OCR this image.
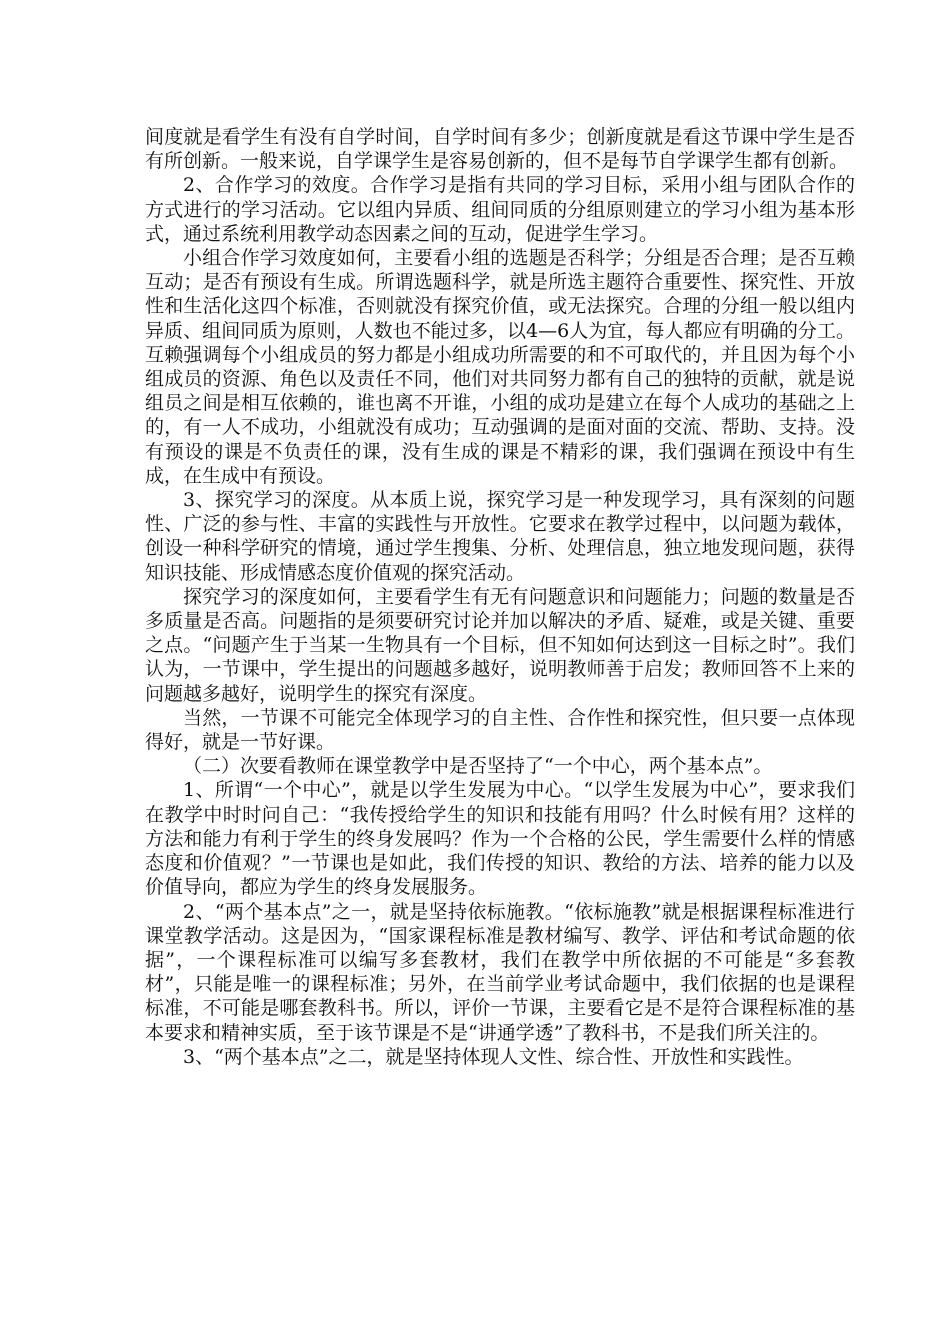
间度就是看学生有没有自学时间，自学时间有多少；创新度就是看这节课中学生是否有所创新。一般来说，自学课学生是容易创新的，但不是每节自学课学生都有创新。

2、合作学习的效度。合作学习是指有共同的学习目标，采用小组与团队合作的方式进行的学习活动。它以组内异质、组间同质的分组原则建立的学习小组为基本形式，通过系统利用教学动态因素之间的互动，促进学生学习。

小组合作学习效度如何，主要看小组的选题是否科学；分组是否合理；是否互赖互动；是否有预设有生成。所谓选题科学，就是所选主题符合重要性、探究性、开放性和生活化这四个标准，否则就没有探究价值，或无法探究。合理的分组一般以组内异质、组间同质为原则，人数也不能过多，以4—6人为宜，每人都应有明确的分工。互赖强调每个小组成员的努力都是小组成功所需要的和不可取代的，并且因为每个小组成员的资源、角色以及责任不同，他们对共同努力都有自己的独特的贡献，就是说组员之间是相互依赖的，谁也离不开谁，小组的成功是建立在每个人成功的基础之上的，有一人不成功，小组就没有成功；互动强调的是面对面的交流、帮助、支持。没有预设的课是不负责任的课，没有生成的课是不精彩的课，我们强调在预设中有生成，在生成中有预设。

3、探究学习的深度。从本质上说，探究学习是一种发现学习，具有深刻的问题性、广泛的参与性、丰富的实践性与开放性。它要求在教学过程中，以问题为载体，创设一种科学研究的情境，通过学生搜集、分析、处理信息，独立地发现问题，获得知识技能、形成情感态度价值观的探究活动。

探究学习的深度如何，主要看学生有无有问题意识和问题能力；问题的数量是否多质量是否高。问题指的是须要研究讨论并加以解决的矛盾、疑难，或是关键、重要之点。“问题产生于当某一生物具有一个目标，但不知如何达到这一目标之时”。我们认为，一节课中，学生提出的问题越多越好，说明教师善于启发；教师回答不上来的问题越多越好，说明学生的探究有深度。

当然，一节课不可能完全体现学习的自主性、合作性和探究性，但只要一点体现得好，就是一节好课。

（二）次要看教师在课堂教学中是否坚持了“一个中心，两个基本点”。

1、所谓“一个中心”，就是以学生发展为中心。“以学生发展为中心”，要求我们在教学中时时问自己：“我传授给学生的知识和技能有用吗？什么时候有用？这样的方法和能力有利于学生的终身发展吗？作为一个合格的公民，学生需要什么样的情感态度和价值观？”一节课也是如此，我们传授的知识、教给的方法、培养的能力以及价值导向，都应为学生的终身发展服务。

2、“两个基本点”之一，就是坚持依标施教。“依标施教”就是根据课程标准进行课堂教学活动。这是因为，“国家课程标准是教材编写、教学、评估和考试命题的依据”，一个课程标准可以编写多套教材，我们在教学中所依据的不可能是“多套教材”，只能是唯一的课程标准；另外，在当前学业考试命题中，我们依据的也是课程标准，不可能是哪套教科书。所以，评价一节课，主要看它是不是符合课程标准的基本要求和精神实质，至于该节课是不是“讲通学透”了教科书，不是我们所关注的。

3、“两个基本点”之二，就是坚持体现人文性、综合性、开放性和实践性。
